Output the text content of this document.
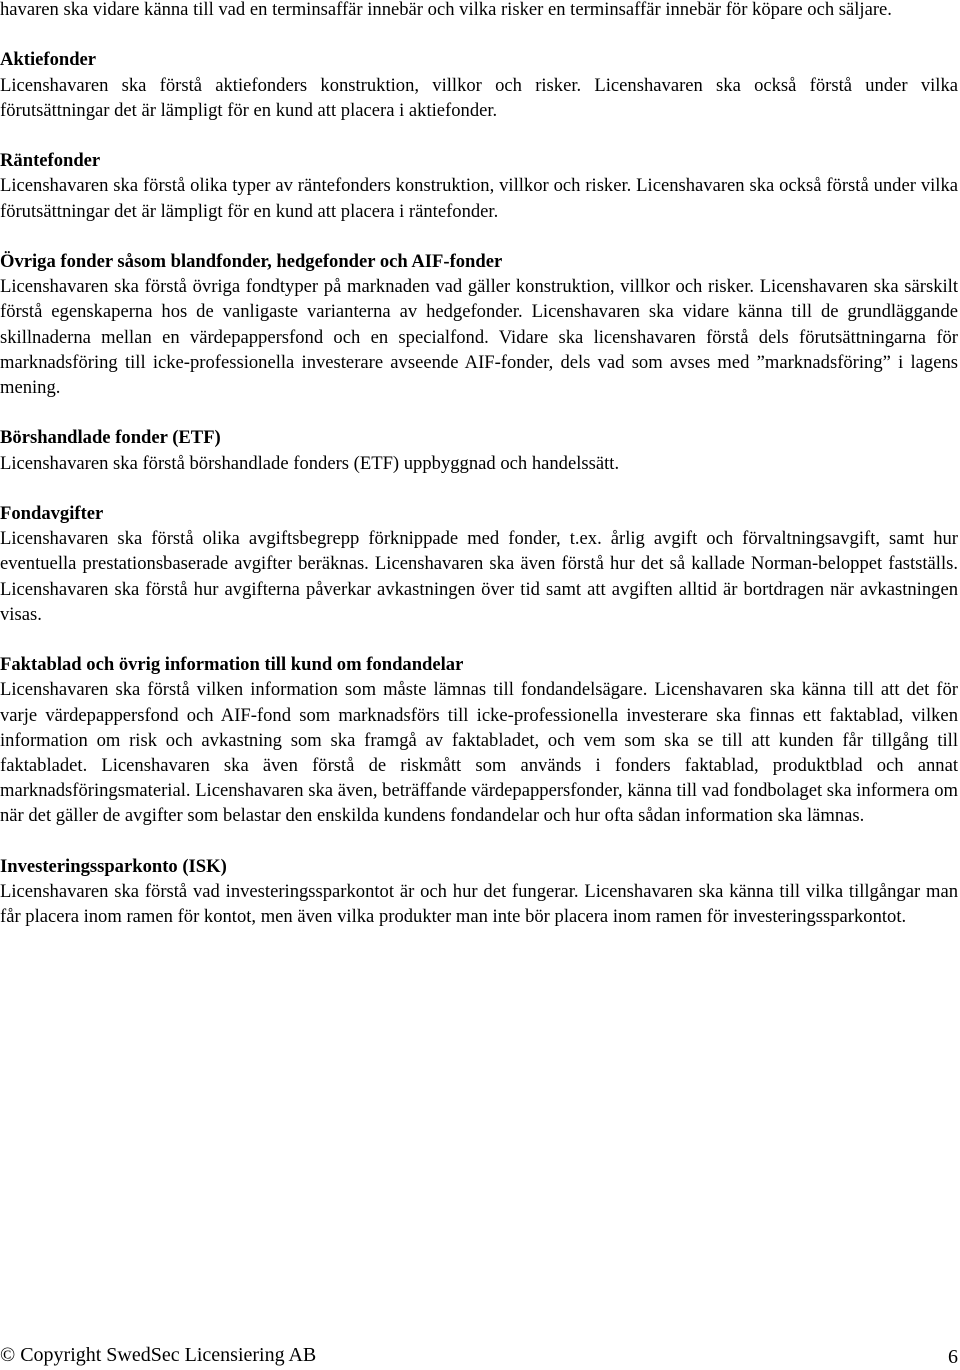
havaren ska vidare känna till vad en terminsaffär innebär och vilka risker en terminsaffär innebär för köpare och säljare.

Aktiefonder

Licenshavaren ska förstå aktiefonders konstruktion, villkor och risker. Licenshavaren ska också förstå under vilka förutsättningar det är lämpligt för en kund att placera i aktiefonder.

Räntefonder

Licenshavaren ska förstå olika typer av räntefonders konstruktion, villkor och risker. Licenshavaren ska också förstå under vilka förutsättningar det är lämpligt för en kund att placera i räntefonder.

Övriga fonder såsom blandfonder, hedgefonder och AIF-fonder

Licenshavaren ska förstå övriga fondtyper på marknaden vad gäller konstruktion, villkor och risker. Licenshavaren ska särskilt förstå egenskaperna hos de vanligaste varianterna av hedgefonder. Licenshavaren ska vidare känna till de grundläggande skillnaderna mellan en värdepappersfond och en specialfond. Vidare ska licenshavaren förstå dels förutsättningarna för marknadsföring till icke-professionella investerare avseende AIF-fonder, dels vad som avses med ”marknadsföring” i lagens mening.

Börshandlade fonder (ETF)

Licenshavaren ska förstå börshandlade fonders (ETF) uppbyggnad och handelssätt.

Fondavgifter

Licenshavaren ska förstå olika avgiftsbegrepp förknippade med fonder, t.ex. årlig avgift och förvaltningsavgift, samt hur eventuella prestationsbaserade avgifter beräknas. Licenshavaren ska även förstå hur det så kallade Norman-beloppet fastställs. Licenshavaren ska förstå hur avgifterna påverkar avkastningen över tid samt att avgiften alltid är bortdragen när avkastningen visas.

Faktablad och övrig information till kund om fondandelar

Licenshavaren ska förstå vilken information som måste lämnas till fondandelsägare. Licenshavaren ska känna till att det för varje värdepappersfond och AIF-fond som marknadsförs till icke-professionella investerare ska finnas ett faktablad, vilken information om risk och avkastning som ska framgå av faktabladet, och vem som ska se till att kunden får tillgång till faktabladet. Licenshavaren ska även förstå de riskmått som används i fonders faktablad, produktblad och annat marknadsföringsmaterial. Licenshavaren ska även, beträffande värdepappersfonder, känna till vad fondbolaget ska informera om när det gäller de avgifter som belastar den enskilda kundens fondandelar och hur ofta sådan information ska lämnas.

Investeringssparkonto (ISK)

Licenshavaren ska förstå vad investeringssparkontot är och hur det fungerar. Licenshavaren ska känna till vilka tillgångar man får placera inom ramen för kontot, men även vilka produkter man inte bör placera inom ramen för investeringssparkontot.

© Copyright SwedSec Licensiering AB	6
